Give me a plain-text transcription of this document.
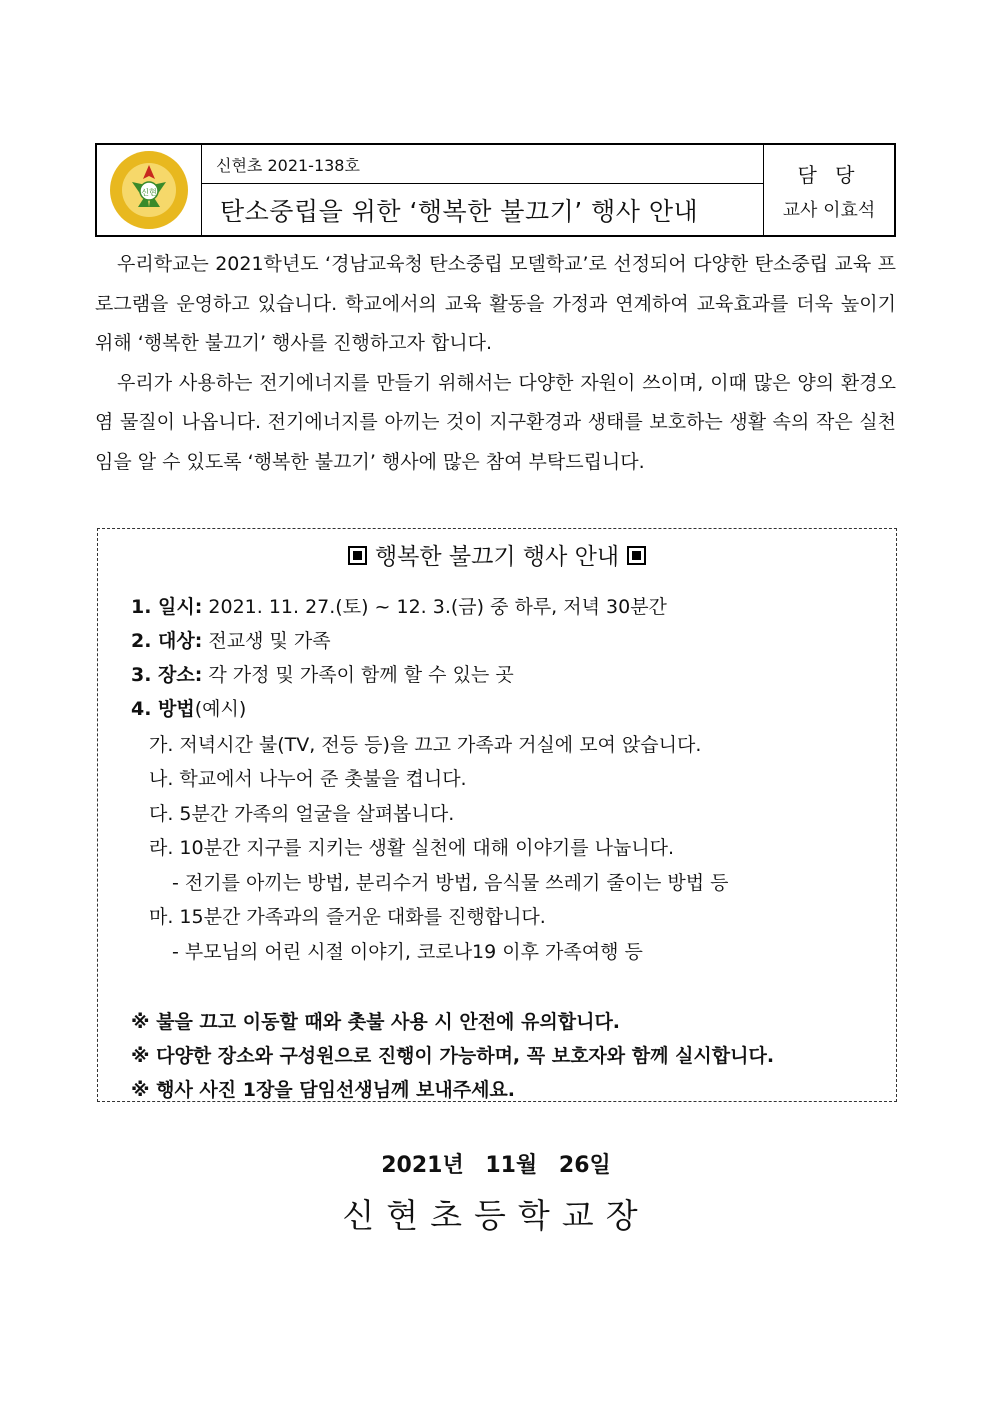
신현
신현초 2021-138호
탄소중립을 위한 ‘행복한 불끄기’ 행사 안내
담 당
교사 이효석

우리학교는 2021학년도 ‘경남교육청 탄소중립 모델학교’로 선정되어 다양한 탄소중립 교육 프로그램을 운영하고 있습니다. 학교에서의 교육 활동을 가정과 연계하여 교육효과를 더욱 높이기 위해 ‘행복한 불끄기’ 행사를 진행하고자 합니다.

우리가 사용하는 전기에너지를 만들기 위해서는 다양한 자원이 쓰이며, 이때 많은 양의 환경오염 물질이 나옵니다. 전기에너지를 아끼는 것이 지구환경과 생태를 보호하는 생활 속의 작은 실천임을 알 수 있도록 ‘행복한 불끄기’ 행사에 많은 참여 부탁드립니다.

행복한 불끄기 행사 안내
1. 일시: 2021. 11. 27.(토) ~ 12. 3.(금) 중 하루, 저녁 30분간
2. 대상: 전교생 및 가족
3. 장소: 각 가정 및 가족이 함께 할 수 있는 곳
4. 방법(예시)
가. 저녁시간 불(TV, 전등 등)을 끄고 가족과 거실에 모여 앉습니다.
나. 학교에서 나누어 준 촛불을 켭니다.
다. 5분간 가족의 얼굴을 살펴봅니다.
라. 10분간 지구를 지키는 생활 실천에 대해 이야기를 나눕니다.
- 전기를 아끼는 방법, 분리수거 방법, 음식물 쓰레기 줄이는 방법 등
마. 15분간 가족과의 즐거운 대화를 진행합니다.
- 부모님의 어린 시절 이야기, 코로나19 이후 가족여행 등
※ 불을 끄고 이동할 때와 촛불 사용 시 안전에 유의합니다.
※ 다양한 장소와 구성원으로 진행이 가능하며, 꼭 보호자와 함께 실시합니다.
※ 행사 사진 1장을 담임선생님께 보내주세요.
2021년 11월 26일
신현초등학교장
